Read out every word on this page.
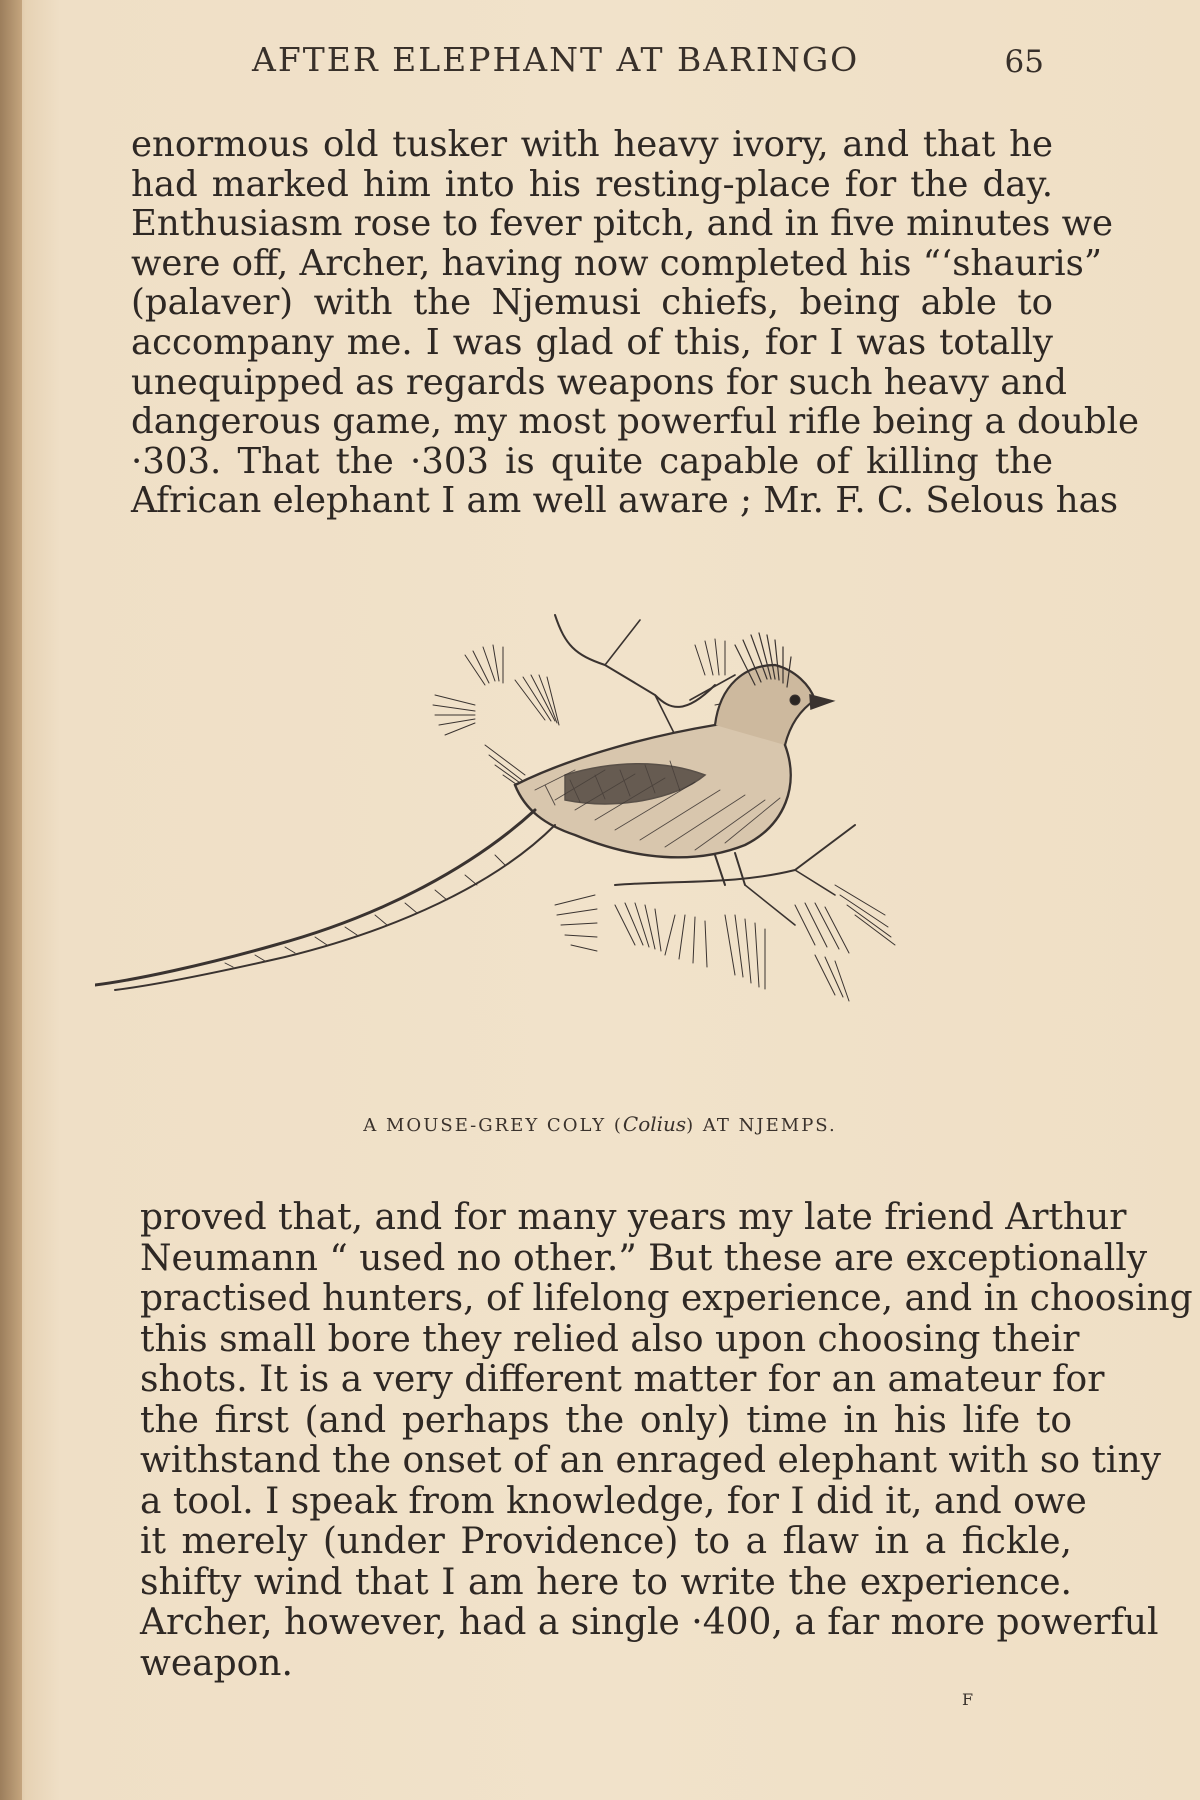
AFTER ELEPHANT AT BARINGO	65
enormous old tusker with heavy ivory, and that he
had marked him into his resting-place for the day.
Enthusiasm rose to fever pitch, and in five minutes we
were off, Archer, having now completed his “‘shauris”
(palaver) with the Njemusi chiefs, being able to
accompany me. I was glad of this, for I was totally
unequipped as regards weapons for such heavy and
dangerous game, my most powerful rifle being a double
·303. That the ·303 is quite capable of killing the
African elephant I am well aware ; Mr. F. C. Selous has
A MOUSE-GREY COLY (Colius) AT NJEMPS.
proved that, and for many years my late friend Arthur
Neumann “ used no other.” But these are exceptionally
practised hunters, of lifelong experience, and in choosing
this small bore they relied also upon choosing their
shots. It is a very different matter for an amateur for
the first (and perhaps the only) time in his life to
withstand the onset of an enraged elephant with so tiny
a tool. I speak from knowledge, for I did it, and owe
it merely (under Providence) to a flaw in a fickle,
shifty wind that I am here to write the experience.
Archer, however, had a single ·400, a far more powerful
weapon.
F
